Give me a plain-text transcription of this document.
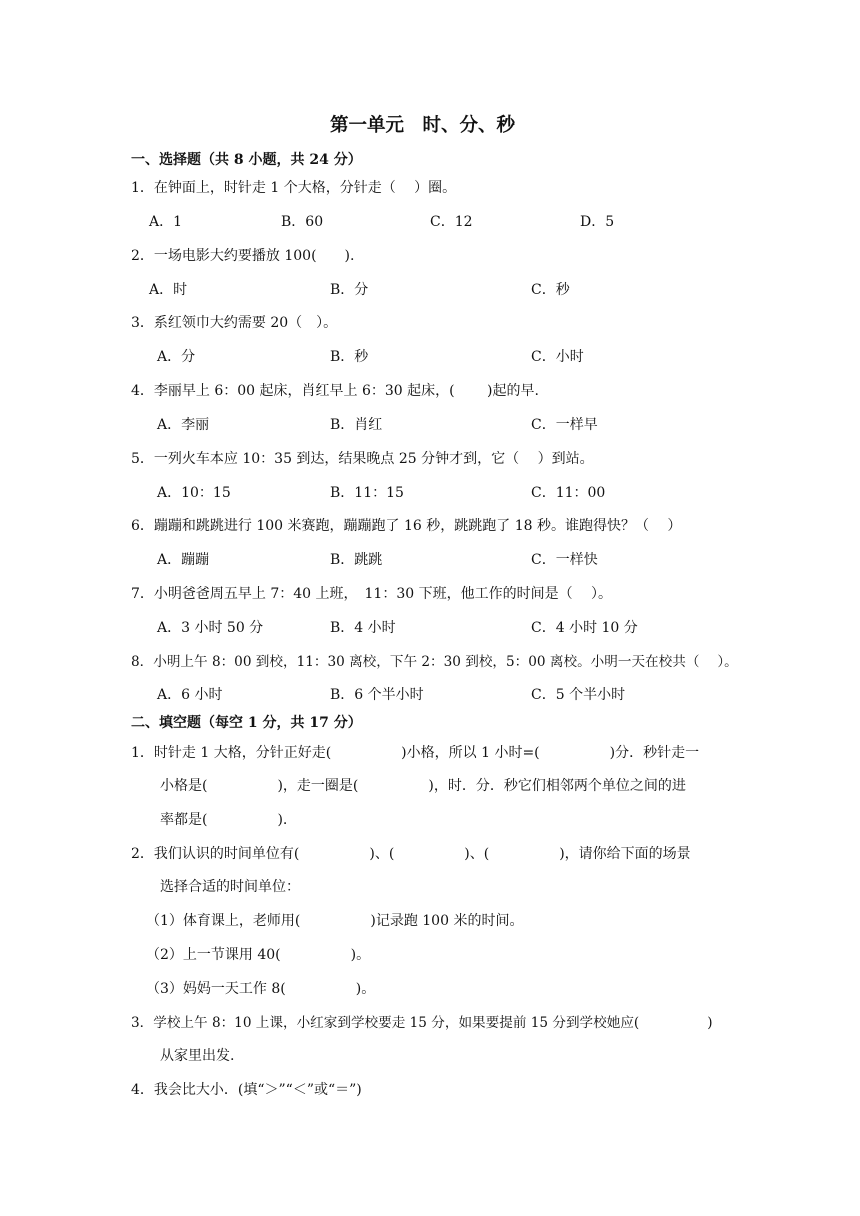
第一单元　时、分、秒
一、选择题（共 8 小题，共 24 分）
1．在钟面上，时针走 1 个大格，分针走（　 ）圈。
A．1	B．60	C．12	D．5
2．一场电影大约要播放 100(　　).
A．时	B．分	C．秒
3．系红领巾大约需要 20（　）。
A．分	B．秒	C．小时
4．李丽早上 6：00 起床，肖红早上 6：30 起床，(　　 )起的早.
A．李丽	B．肖红	C．一样早
5．一列火车本应 10：35 到达，结果晚点 25 分钟才到，它（　 ）到站。
A．10：15	B．11：15	C．11：00
6．蹦蹦和跳跳进行 100 米赛跑，蹦蹦跑了 16 秒，跳跳跑了 18 秒。谁跑得快？（　 ）
A．蹦蹦	B．跳跳	C．一样快
7．小明爸爸周五早上 7：40 上班，　11：30 下班，他工作的时间是（　 ）。
A．3 小时 50 分	B．4 小时	C．4 小时 10 分
8．小明上午 8：00 到校，11：30 离校，下午 2：30 到校，5：00 离校。小明一天在校共（　 ）。
A．6 小时	B．6 个半小时	C．5 个半小时
二、填空题（每空 1 分，共 17 分）
1．时针走 1 大格，分针正好走(　　　　　)小格，所以 1 小时=(　　　　　)分．秒针走一
小格是(　　　　　)，走一圈是(　　　　　)，时．分．秒它们相邻两个单位之间的进
率都是(　　　　　).
2．我们认识的时间单位有(　　　　　)、(　　　　　)、(　　　　　)，请你给下面的场景
选择合适的时间单位：
（1）体育课上，老师用(　　　　　)记录跑 100 米的时间。
（2）上一节课用 40(　　　　　)。
（3）妈妈一天工作 8(　　　　　)。
3．学校上午 8：10 上课，小红家到学校要走 15 分，如果要提前 15 分到学校她应(　　　　　)
从家里出发.
4．我会比大小．(填“＞”“＜”或“＝”)
